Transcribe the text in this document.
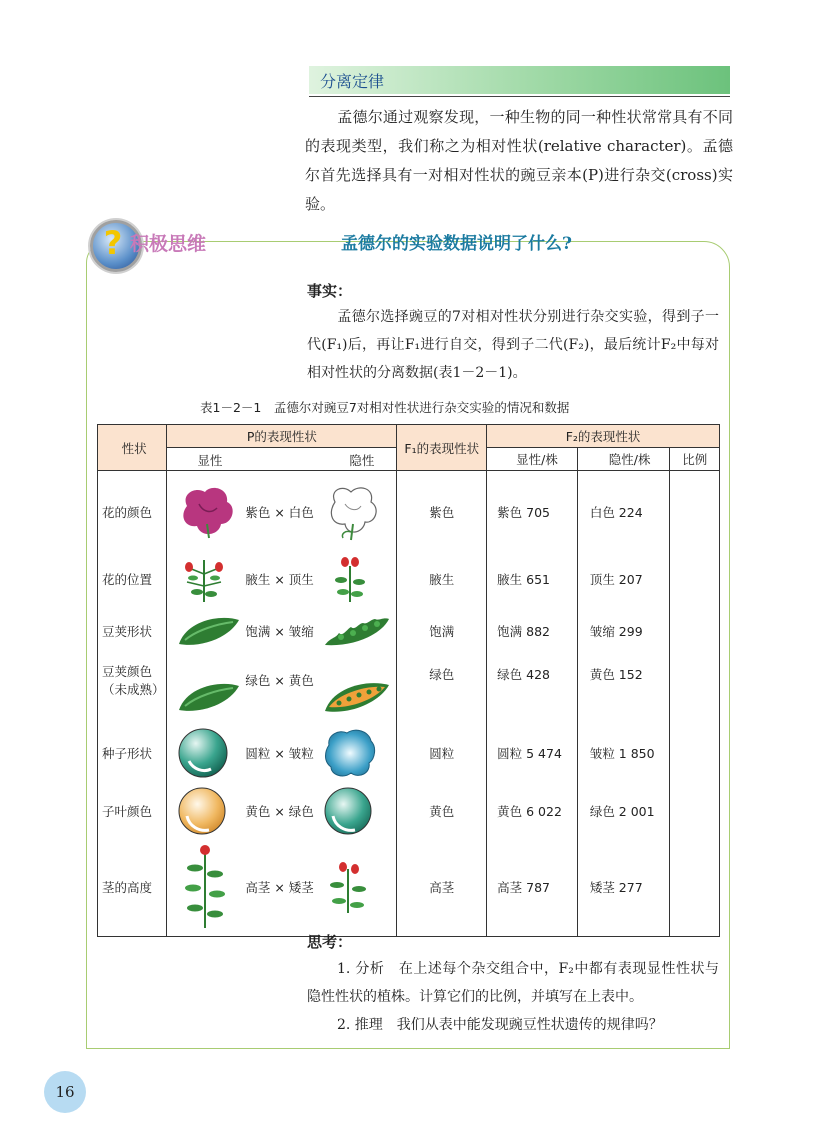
分离定律
孟德尔通过观察发现，一种生物的同一种性状常常具有不同的表现类型，我们称之为相对性状(relative character)。孟德尔首先选择具有一对相对性状的豌豆亲本(P)进行杂交(cross)实验。
? 积极思维	孟德尔的实验数据说明了什么?
事实：
孟德尔选择豌豆的7对相对性状分别进行杂交实验，得到子一代(F₁)后，再让F₁进行自交，得到子二代(F₂)，最后统计F₂中每对相对性状的分离数据(表1－2－1)。
表1－2－1　孟德尔对豌豆7对相对性状进行杂交实验的情况和数据
性状	P的表现性状	F₁的表现性状	F₂的表现性状		

	显性 隐性		显性/株	隐性/株	比例
花的颜色	紫色 × 白色	紫色	紫色 705	白色 224	
花的位置	腋生 × 顶生	腋生	腋生 651	顶生 207	
豆荚形状	饱满 × 皱缩	饱满	饱满 882	皱缩 299	
豆荚颜色
（未成熟）	绿色 × 黄色	绿色	绿色 428	黄色 152	
种子形状	圆粒 × 皱粒	圆粒	圆粒 5 474	皱粒 1 850	
子叶颜色	黄色 × 绿色	黄色	黄色 6 022	绿色 2 001	
茎的高度	高茎 × 矮茎	高茎	高茎 787	矮茎 277	
思考：
1. 分析　在上述每个杂交组合中，F₂中都有表现显性性状与隐性性状的植株。计算它们的比例，并填写在上表中。
2. 推理　我们从表中能发现豌豆性状遗传的规律吗？
16
